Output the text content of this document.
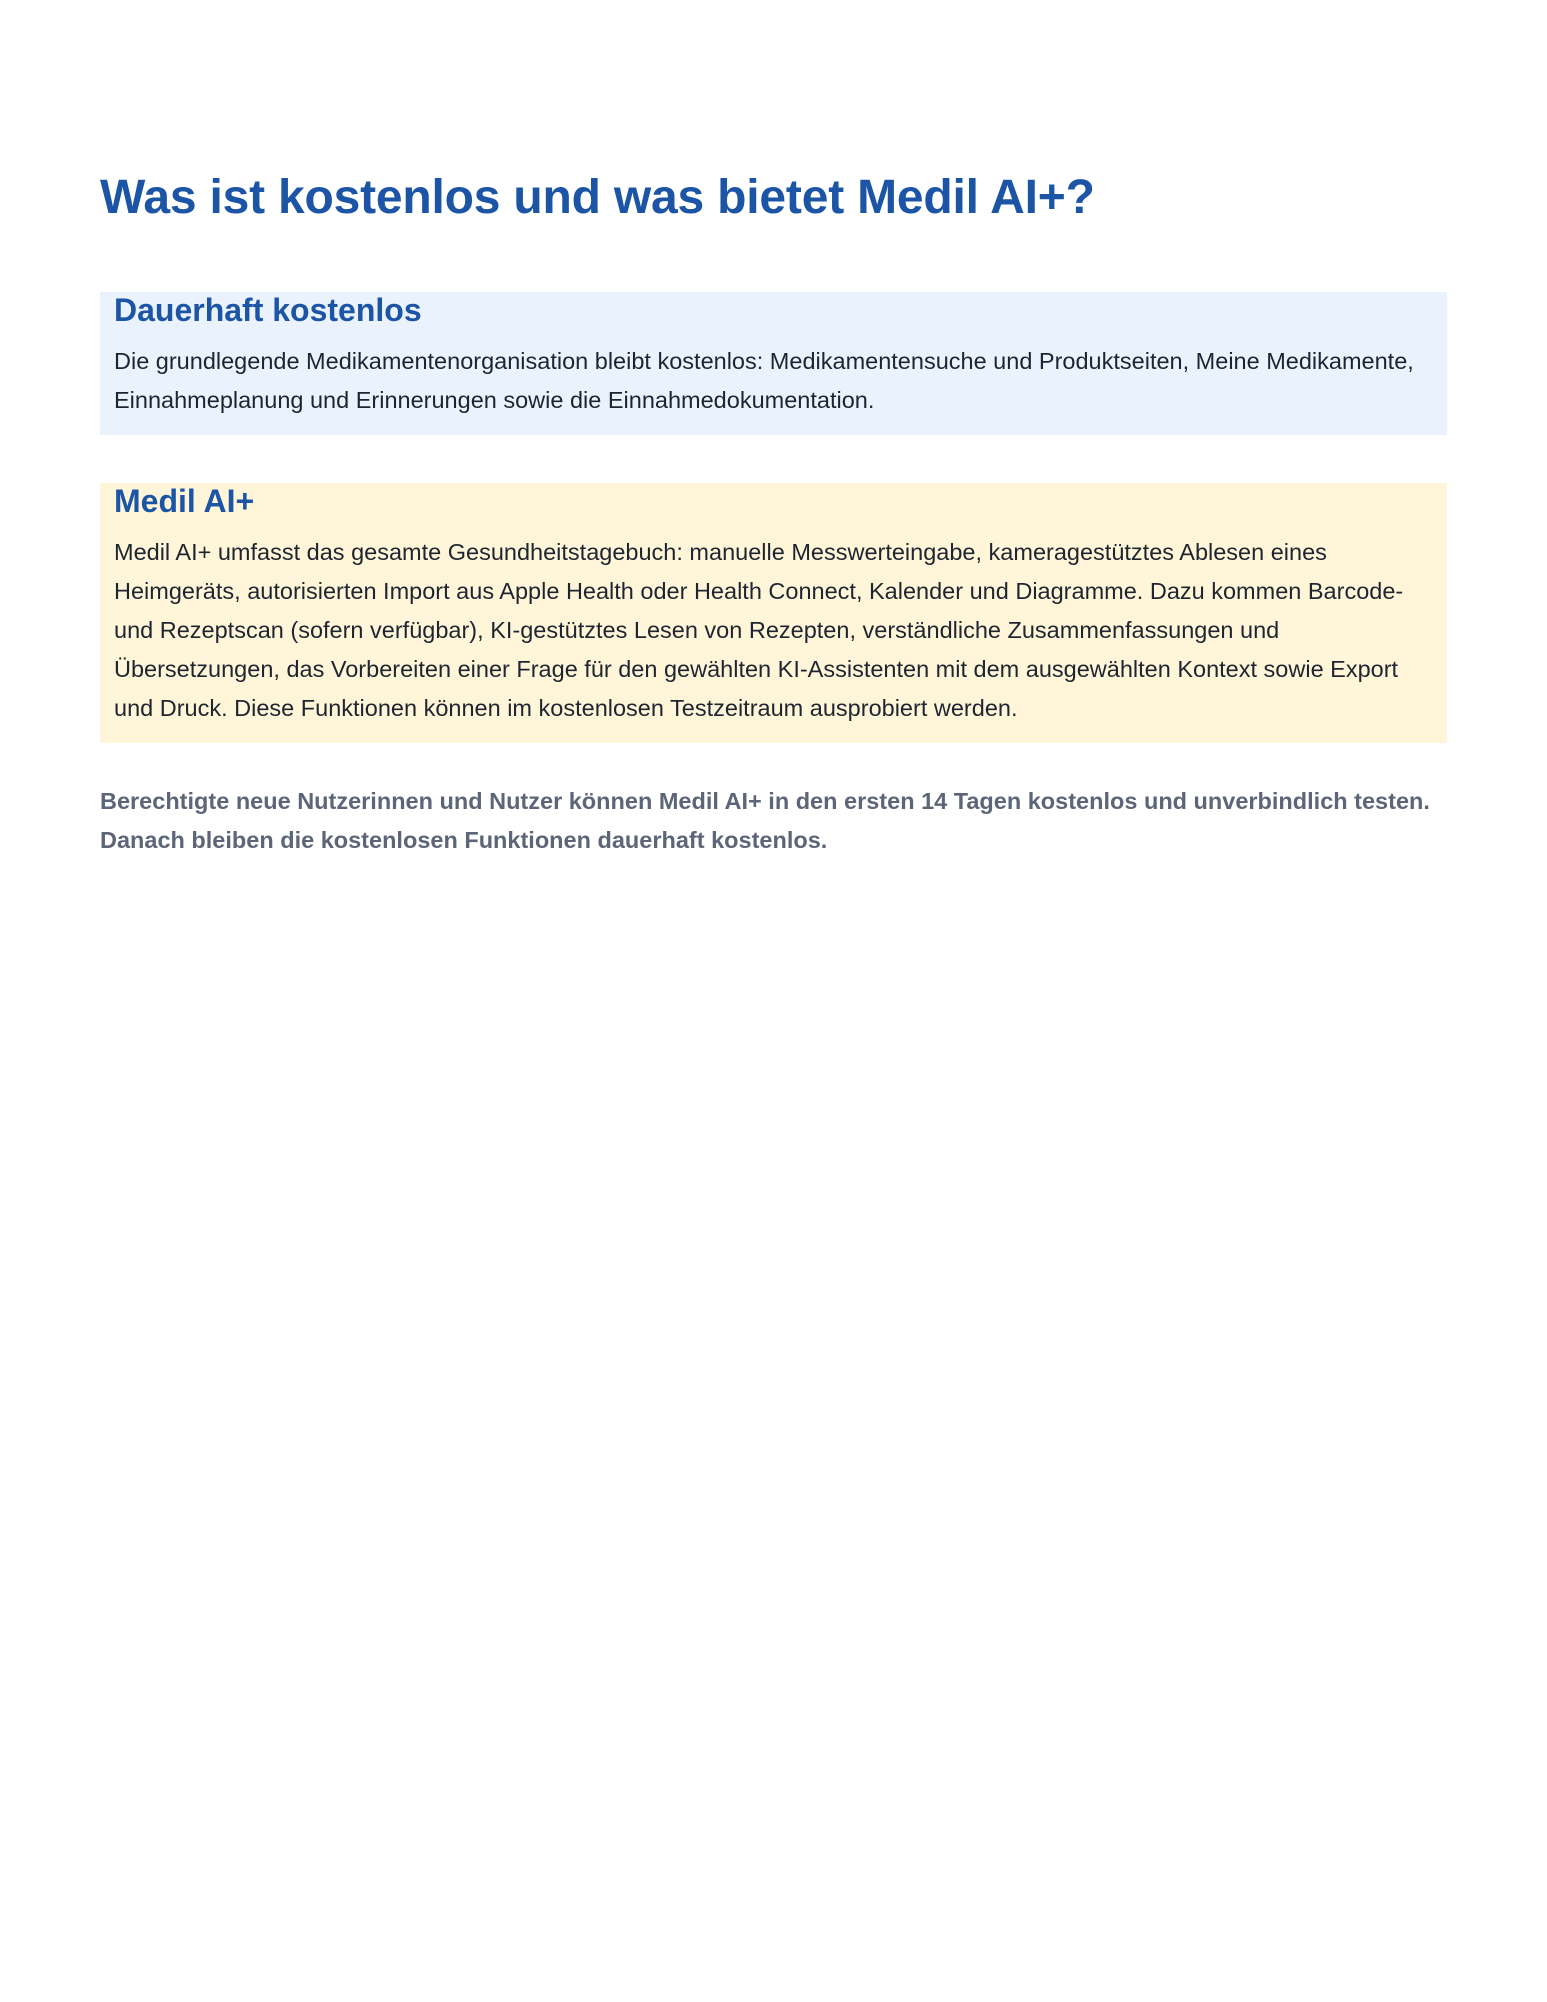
Was ist kostenlos und was bietet Medil AI+?
Dauerhaft kostenlos

Die grundlegende Medikamentenorganisation bleibt kostenlos: Medikamentensuche und Produktseiten, Meine Medikamente, Einnahmeplanung und Erinnerungen sowie die Einnahmedokumentation.

Medil AI+

Medil AI+ umfasst das gesamte Gesundheitstagebuch: manuelle Messwerteingabe, kameragestütztes Ablesen eines Heimgeräts, autorisierten Import aus Apple Health oder Health Connect, Kalender und Diagramme. Dazu kommen Barcode- und Rezeptscan (sofern verfügbar), KI-gestütztes Lesen von Rezepten, verständliche Zusammenfassungen und Übersetzungen, das Vorbereiten einer Frage für den gewählten KI-Assistenten mit dem ausgewählten Kontext sowie Export und Druck. Diese Funktionen können im kostenlosen Testzeitraum ausprobiert werden.

Berechtigte neue Nutzerinnen und Nutzer können Medil AI+ in den ersten 14 Tagen kostenlos und unverbindlich testen. Danach bleiben die kostenlosen Funktionen dauerhaft kostenlos.
